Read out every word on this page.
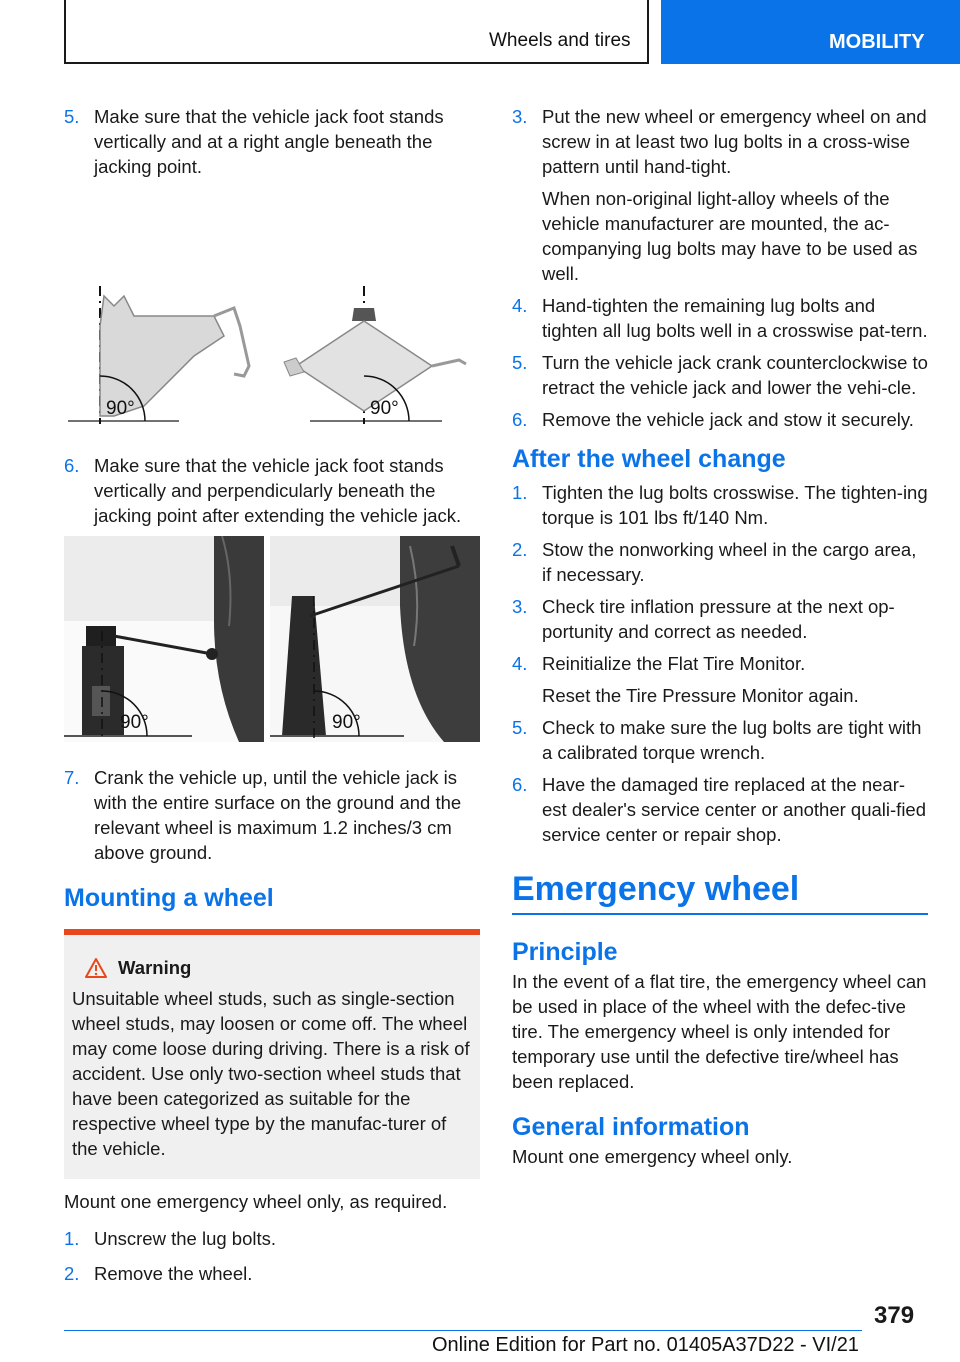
Wheels and tires	MOBILITY
5. Make sure that the vehicle jack foot stands vertically and at a right angle beneath the jacking point.

90°	90°
6. Make sure that the vehicle jack foot stands vertically and perpendicularly beneath the jacking point after extending the vehicle jack.

90°	90°
7. Crank the vehicle up, until the vehicle jack is with the entire surface on the ground and the relevant wheel is maximum 1.2 inches/3 cm above ground.

Mounting a wheel
Warning
Unsuitable wheel studs, such as single-section wheel studs, may loosen or come off. The wheel may come loose during driving. There is a risk of accident. Use only two-section wheel studs that have been categorized as suitable for the respective wheel type by the manufac-turer of the vehicle.

Mount one emergency wheel only, as required.

1. Unscrew the lug bolts.

2. Remove the wheel.

3. Put the new wheel or emergency wheel on and screw in at least two lug bolts in a cross-wise pattern until hand-tight.

When non-original light-alloy wheels of the vehicle manufacturer are mounted, the ac-companying lug bolts may have to be used as well.

4. Hand-tighten the remaining lug bolts and tighten all lug bolts well in a crosswise pat-tern.

5. Turn the vehicle jack crank counterclockwise to retract the vehicle jack and lower the vehi-cle.

6. Remove the vehicle jack and stow it securely.

After the wheel change
1. Tighten the lug bolts crosswise. The tighten-ing torque is 101 lbs ft/140 Nm.

2. Stow the nonworking wheel in the cargo area, if necessary.

3. Check tire inflation pressure at the next op-portunity and correct as needed.

4. Reinitialize the Flat Tire Monitor.

Reset the Tire Pressure Monitor again.

5. Check to make sure the lug bolts are tight with a calibrated torque wrench.

6. Have the damaged tire replaced at the near-est dealer's service center or another quali-fied service center or repair shop.

Emergency wheel
Principle

In the event of a flat tire, the emergency wheel can be used in place of the wheel with the defec-tive tire. The emergency wheel is only intended for temporary use until the defective tire/wheel has been replaced.

General information

Mount one emergency wheel only.

379
Online Edition for Part no. 01405A37D22 - VI/21
